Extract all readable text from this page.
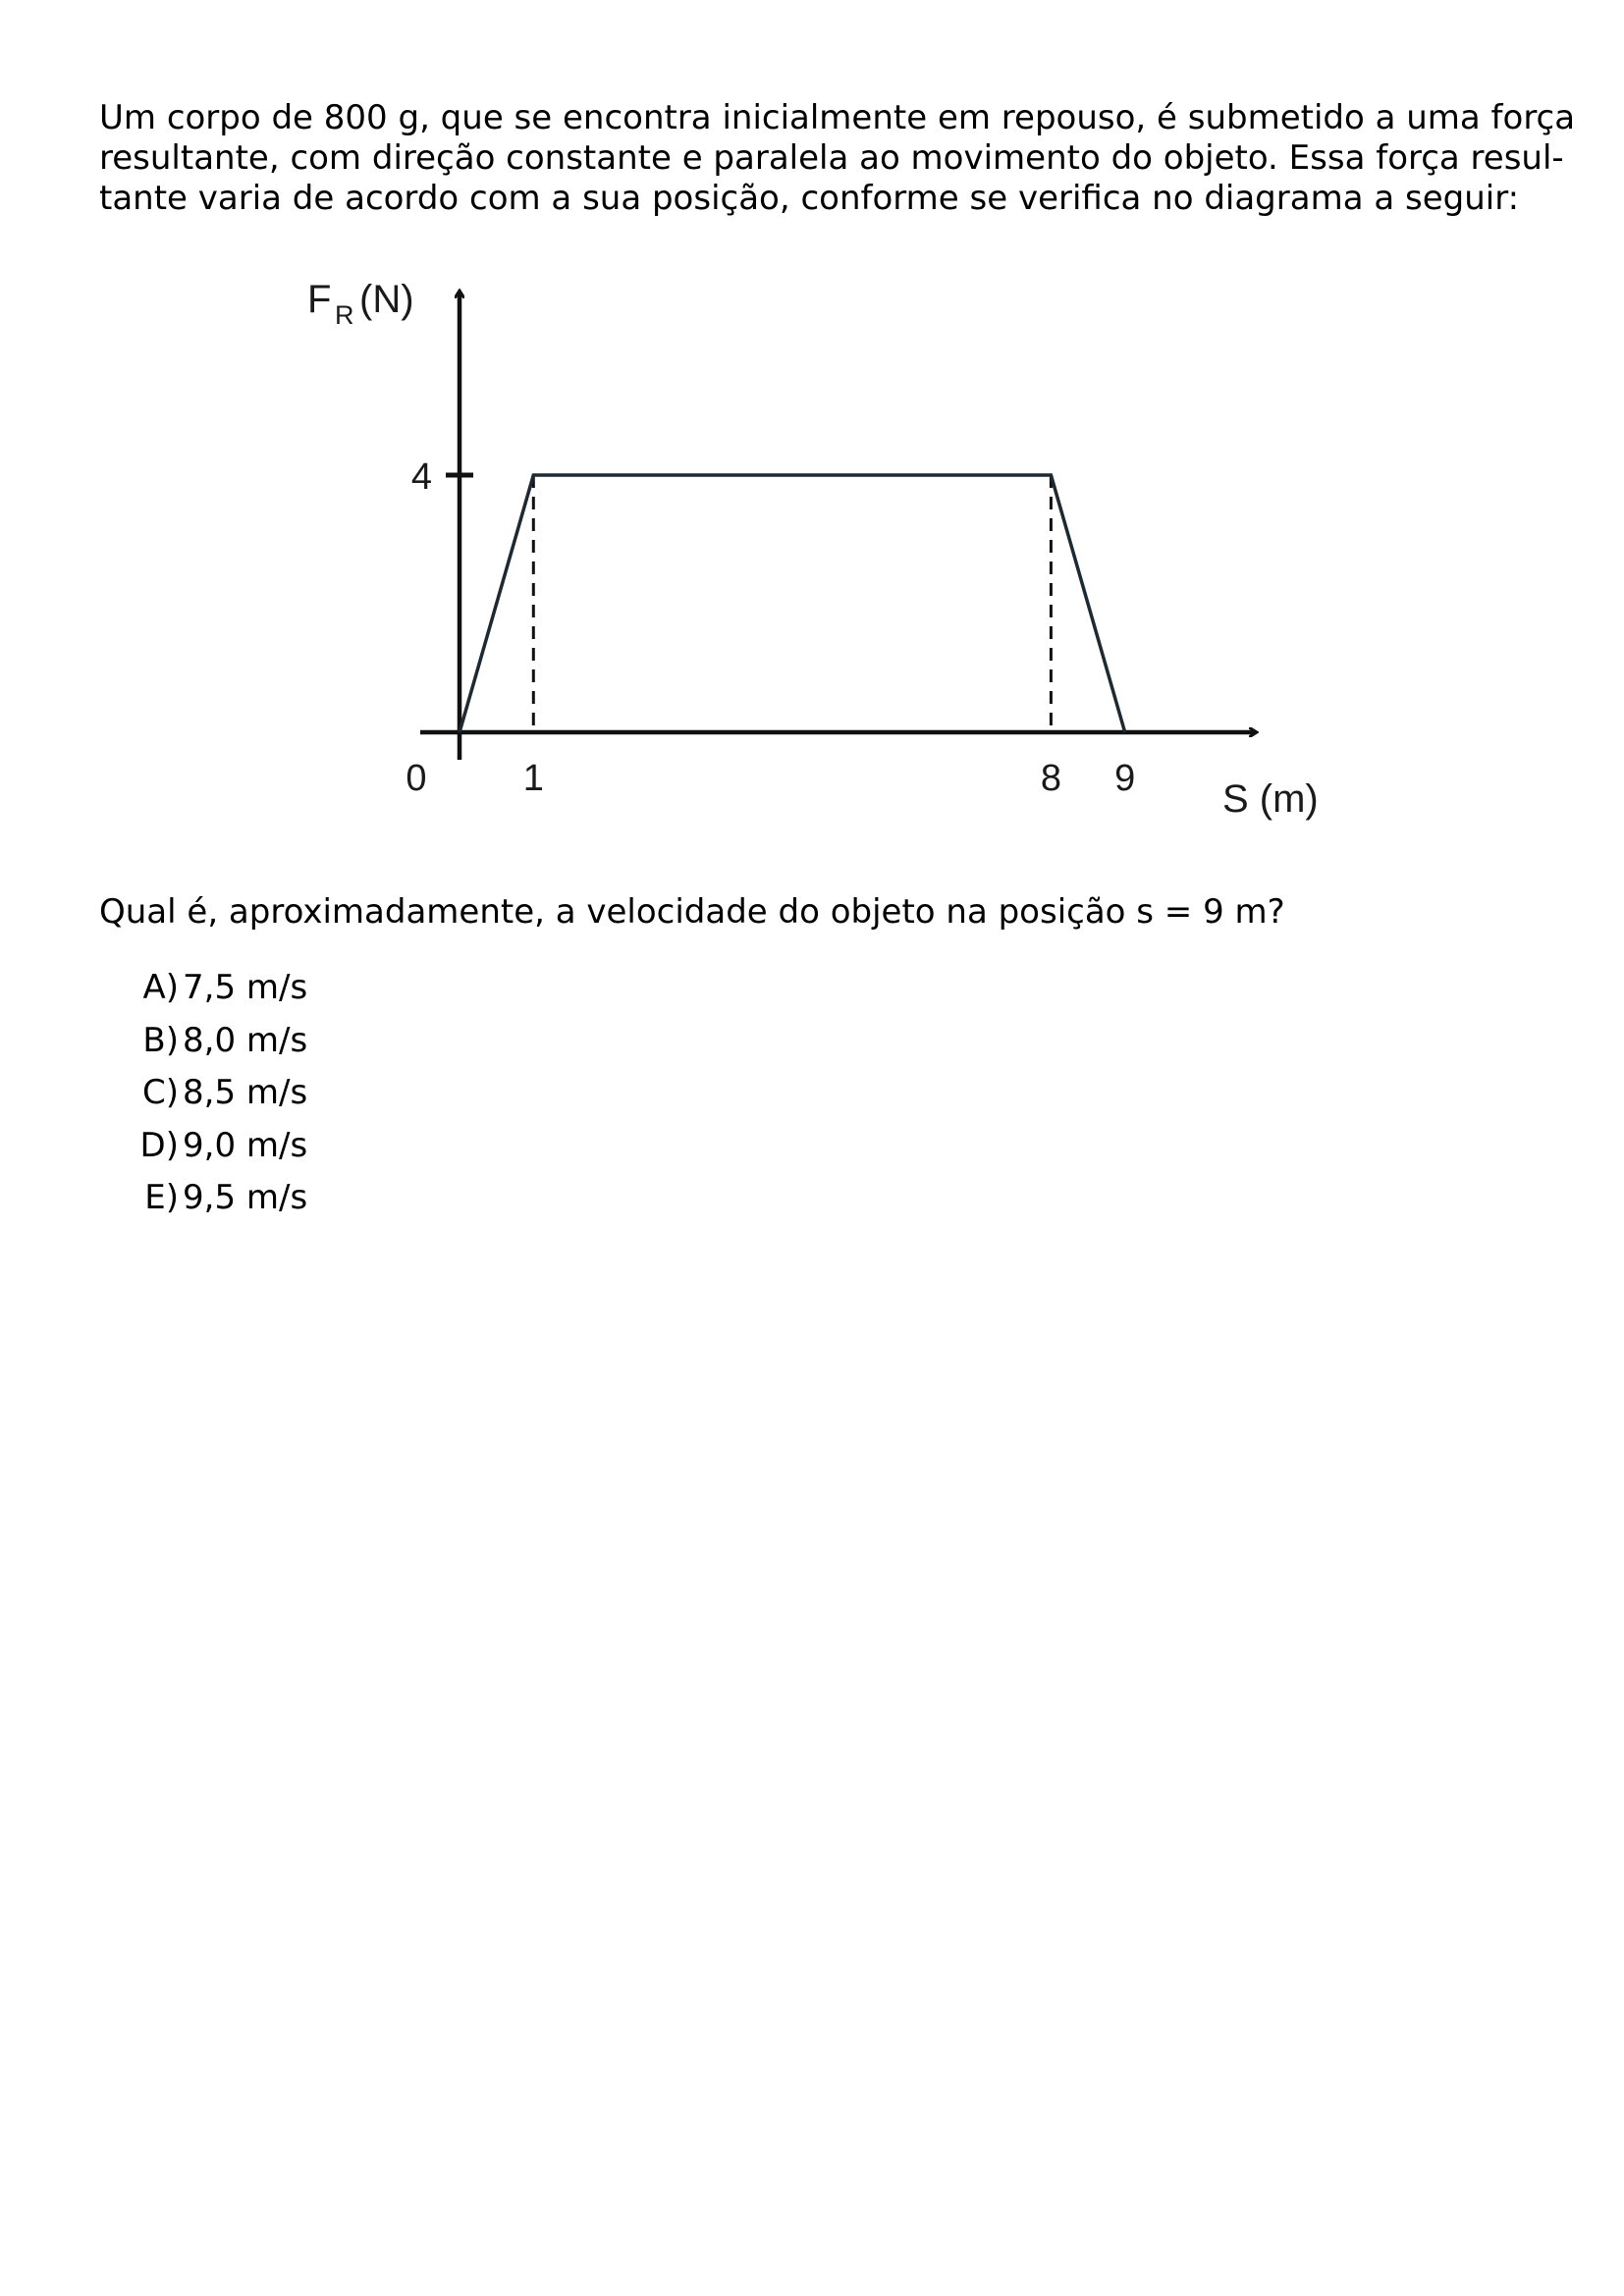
Um corpo de 800 g, que se encontra inicialmente em repouso, é submetido a uma força
resultante, com direção constante e paralela ao movimento do objeto. Essa força resul-
tante varia de acordo com a sua posição, conforme se verifica no diagrama a seguir:

4
0	1	8 9
F R (N)
S (m)

Qual é, aproximadamente, a velocidade do objeto na posição s = 9 m?

A) 7,5 m/s
B) 8,0 m/s
C) 8,5 m/s
D) 9,0 m/s
E) 9,5 m/s
